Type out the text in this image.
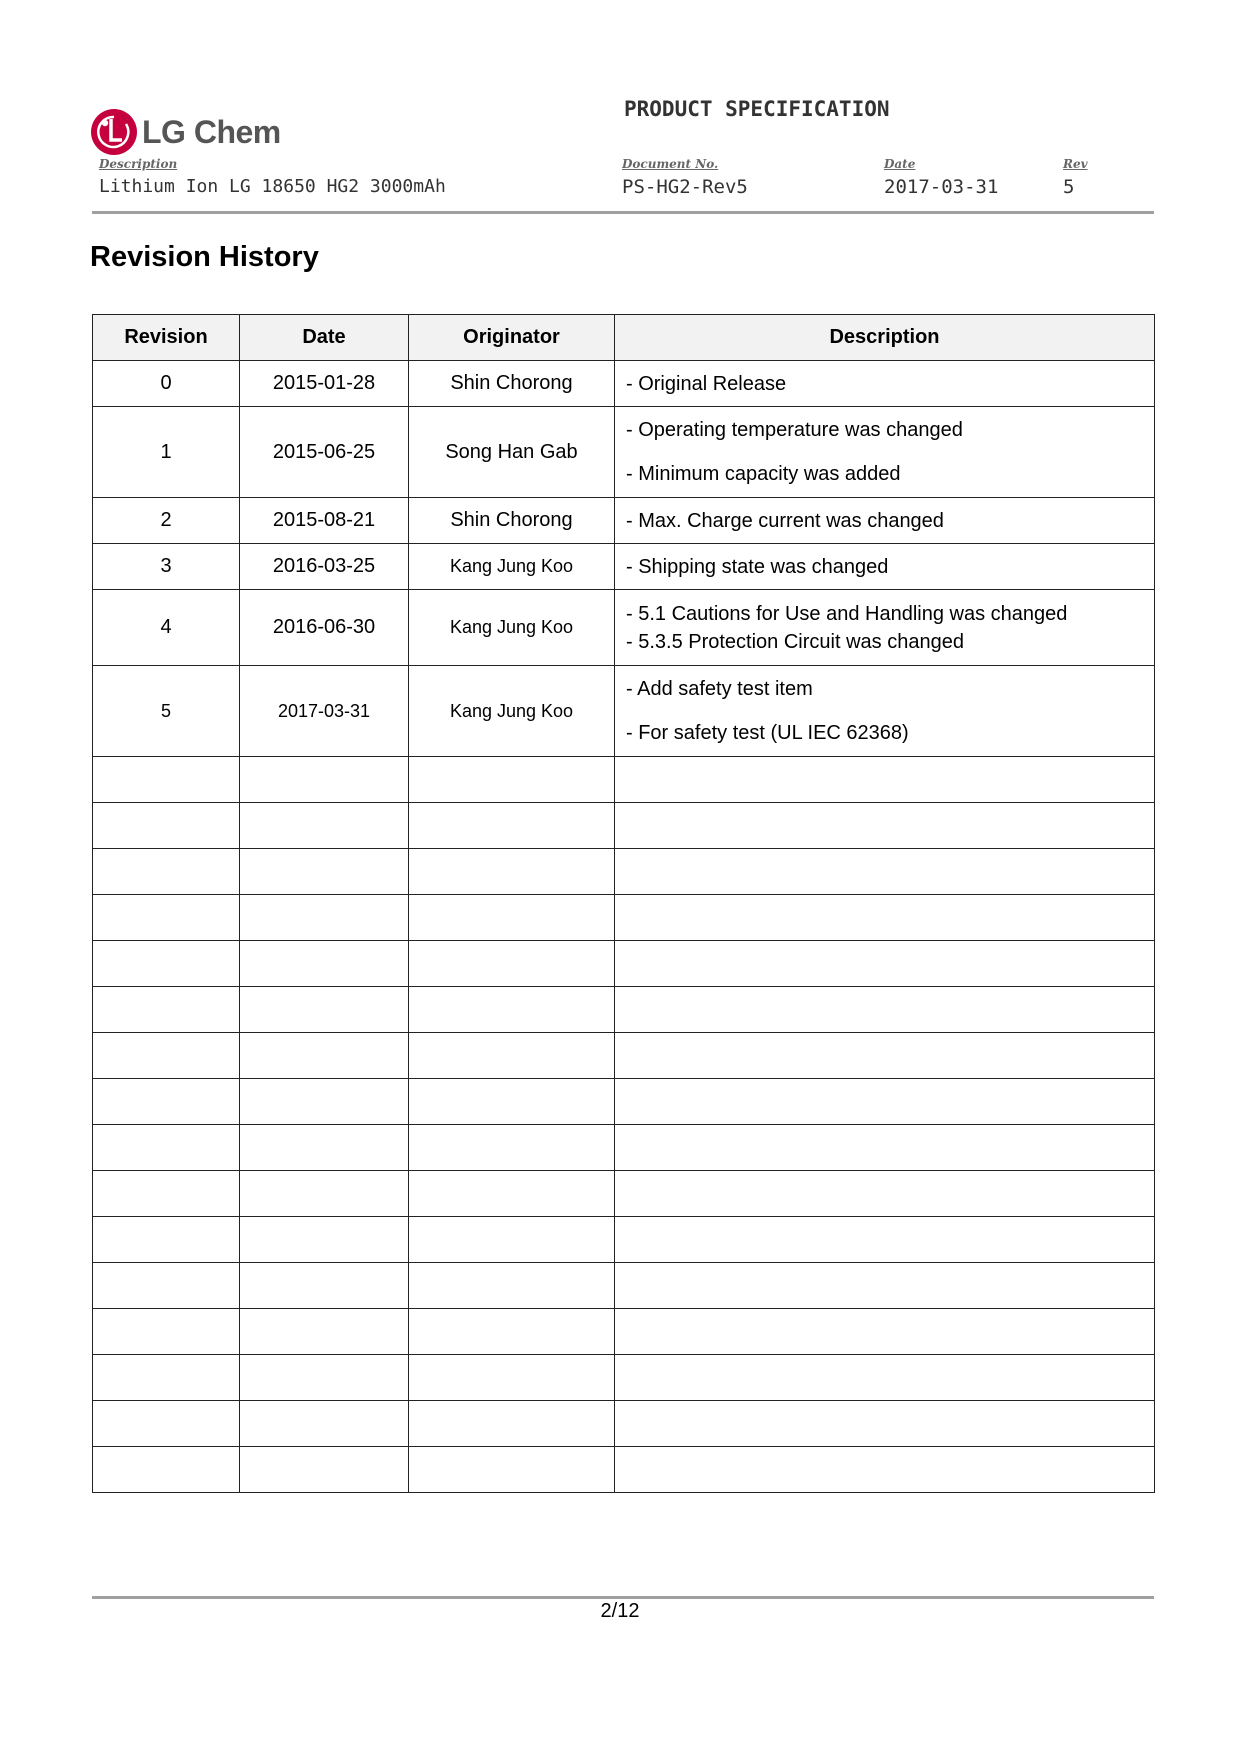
LG Chem
PRODUCT SPECIFICATION
Description
Lithium Ion LG 18650 HG2 3000mAh
Document No.
PS-HG2-Rev5
Date
2017-03-31
Rev
5
Revision History
Revision	Date	Originator	Description
0	2015-01-28	Shin Chorong	- Original Release

1	2015-06-25	Song Han Gab	- Operating temperature was changed
- Minimum capacity was added

2	2015-08-21	Shin Chorong	- Max. Charge current was changed

3	2016-03-25	Kang Jung Koo	- Shipping state was changed

4	2016-06-30	Kang Jung Koo	- 5.1 Cautions for Use and Handling was changed
- 5.3.5 Protection Circuit was changed

5	2017-03-31	Kang Jung Koo	- Add safety test item
- For safety test (UL IEC 62368)

2/12
